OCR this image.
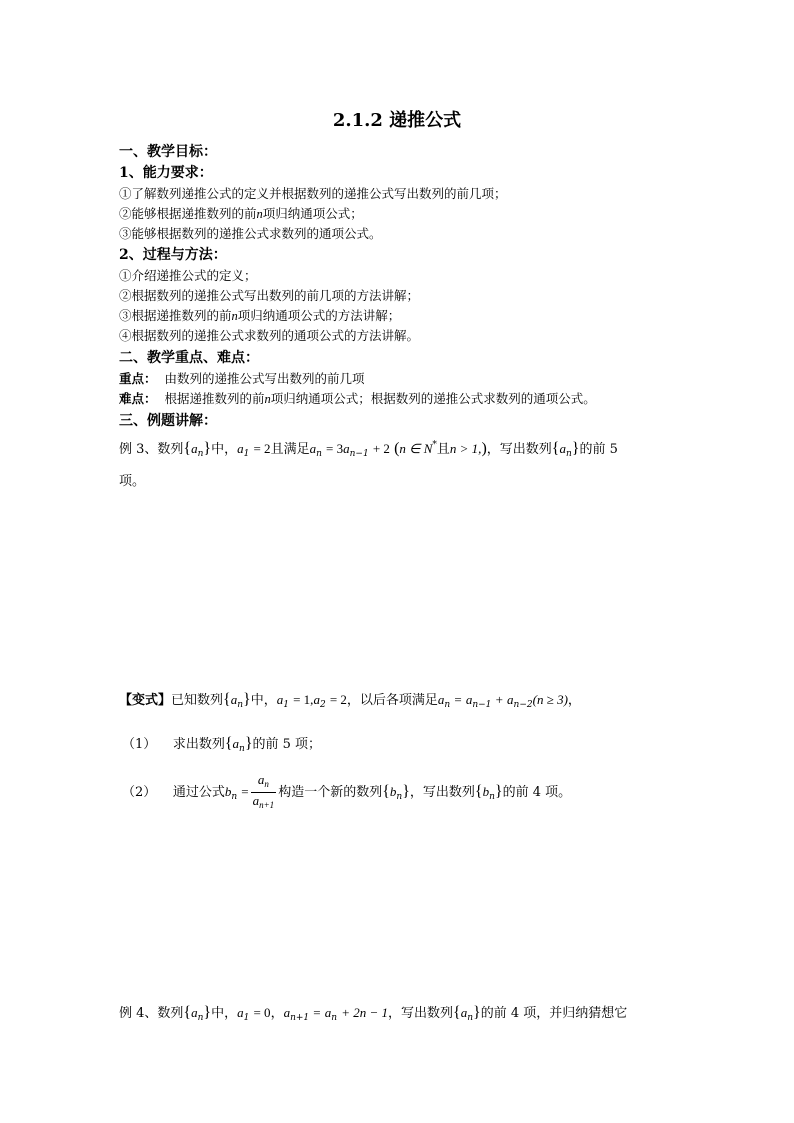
2.1.2 递推公式
一、教学目标：
1、能力要求：
①了解数列递推公式的定义并根据数列的递推公式写出数列的前几项；
②能够根据递推数列的前n项归纳通项公式；
③能够根据数列的递推公式求数列的通项公式。
2、过程与方法：
①介绍递推公式的定义；
②根据数列的递推公式写出数列的前几项的方法讲解；
③根据递推数列的前n项归纳通项公式的方法讲解；
④根据数列的递推公式求数列的通项公式的方法讲解。
二、教学重点、难点：
重点： 由数列的递推公式写出数列的前几项
难点： 根据递推数列的前n项归纳通项公式；根据数列的递推公式求数列的通项公式。
三、例题讲解：
例 3、数列$\{a_n\}$中，$a_1 = 2$且满足$a_n = 3a_{n-1} + 2$ (n ∈ N*且n > 1,)，写出数列$\{a_n\}$的前 5
项。
【变式】已知数列$\{a_n\}$中，$a_1 = 1,a_2 = 2$，以后各项满足$a_n = a_{n-1} + a_{n-2}(n \ge 3)$，
（1） 求出数列$\{a_n\}$的前 5 项；
（2） 通过公式$b_n = \frac{a_n}{a_{n+1}}$ 构造一个新的数列$\{b_n\}$，写出数列$\{b_n\}$的前 4 项。
例 4、数列$\{a_n\}$中，$a_1 = 0$，$a_{n+1} = a_n + 2n - 1$，写出数列$\{a_n\}$的前 4 项，并归纳猜想它
